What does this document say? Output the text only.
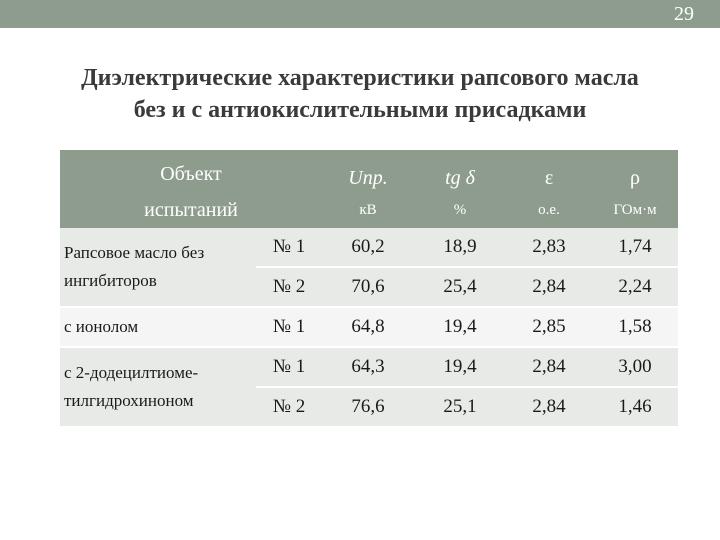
29
Диэлектрические характеристики рапсового масла
без и с антиокислительными присадками
Объект испытаний		Uпр.	tg δ	ε	ρ
		кВ	%	о.е.	ГОм·м
Рапсовое масло без ингибиторов	№ 1	60,2	18,9	2,83	1,74
	№ 2	70,6	25,4	2,84	2,24
с ионолом	№ 1	64,8	19,4	2,85	1,58

с 2-додецилтиоме-
тилгидрохиноном	№ 1	64,3	19,4	2,84	3,00
	№ 2	76,6	25,1	2,84	1,46
